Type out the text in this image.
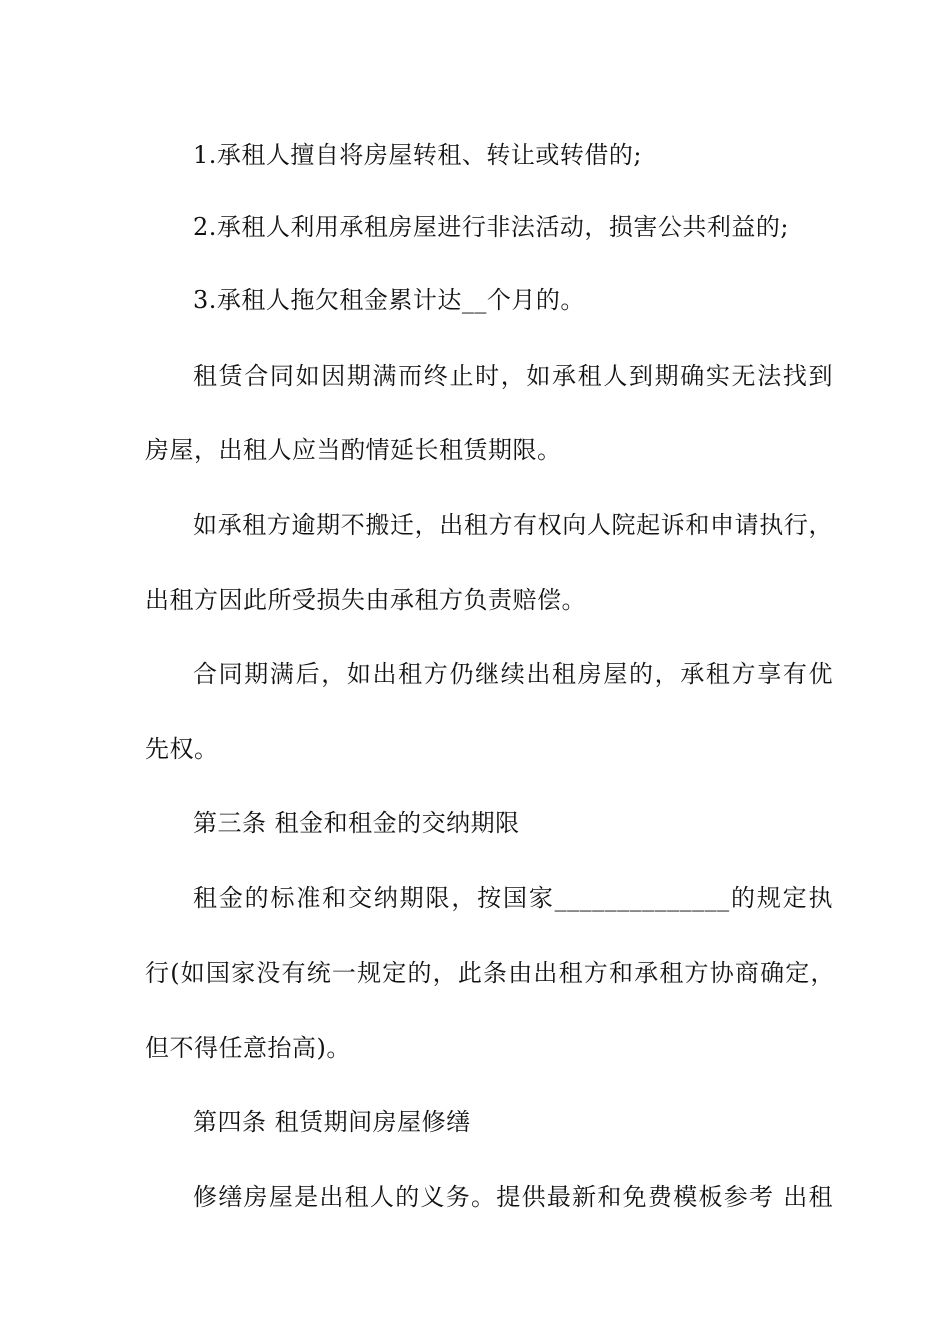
1.承租人擅自将房屋转租、转让或转借的;
2.承租人利用承租房屋进行非法活动，损害公共利益的;
3.承租人拖欠租金累计达__个月的。
租赁合同如因期满而终止时，如承租人到期确实无法找到
房屋，出租人应当酌情延长租赁期限。
如承租方逾期不搬迁，出租方有权向人院起诉和申请执行，
出租方因此所受损失由承租方负责赔偿。
合同期满后，如出租方仍继续出租房屋的，承租方享有优
先权。
第三条 租金和租金的交纳期限
租金的标准和交纳期限，按国家______________的规定执
行(如国家没有统一规定的，此条由出租方和承租方协商确定，
但不得任意抬高)。
第四条 租赁期间房屋修缮
修缮房屋是出租人的义务。提供最新和免费模板参考 出租
